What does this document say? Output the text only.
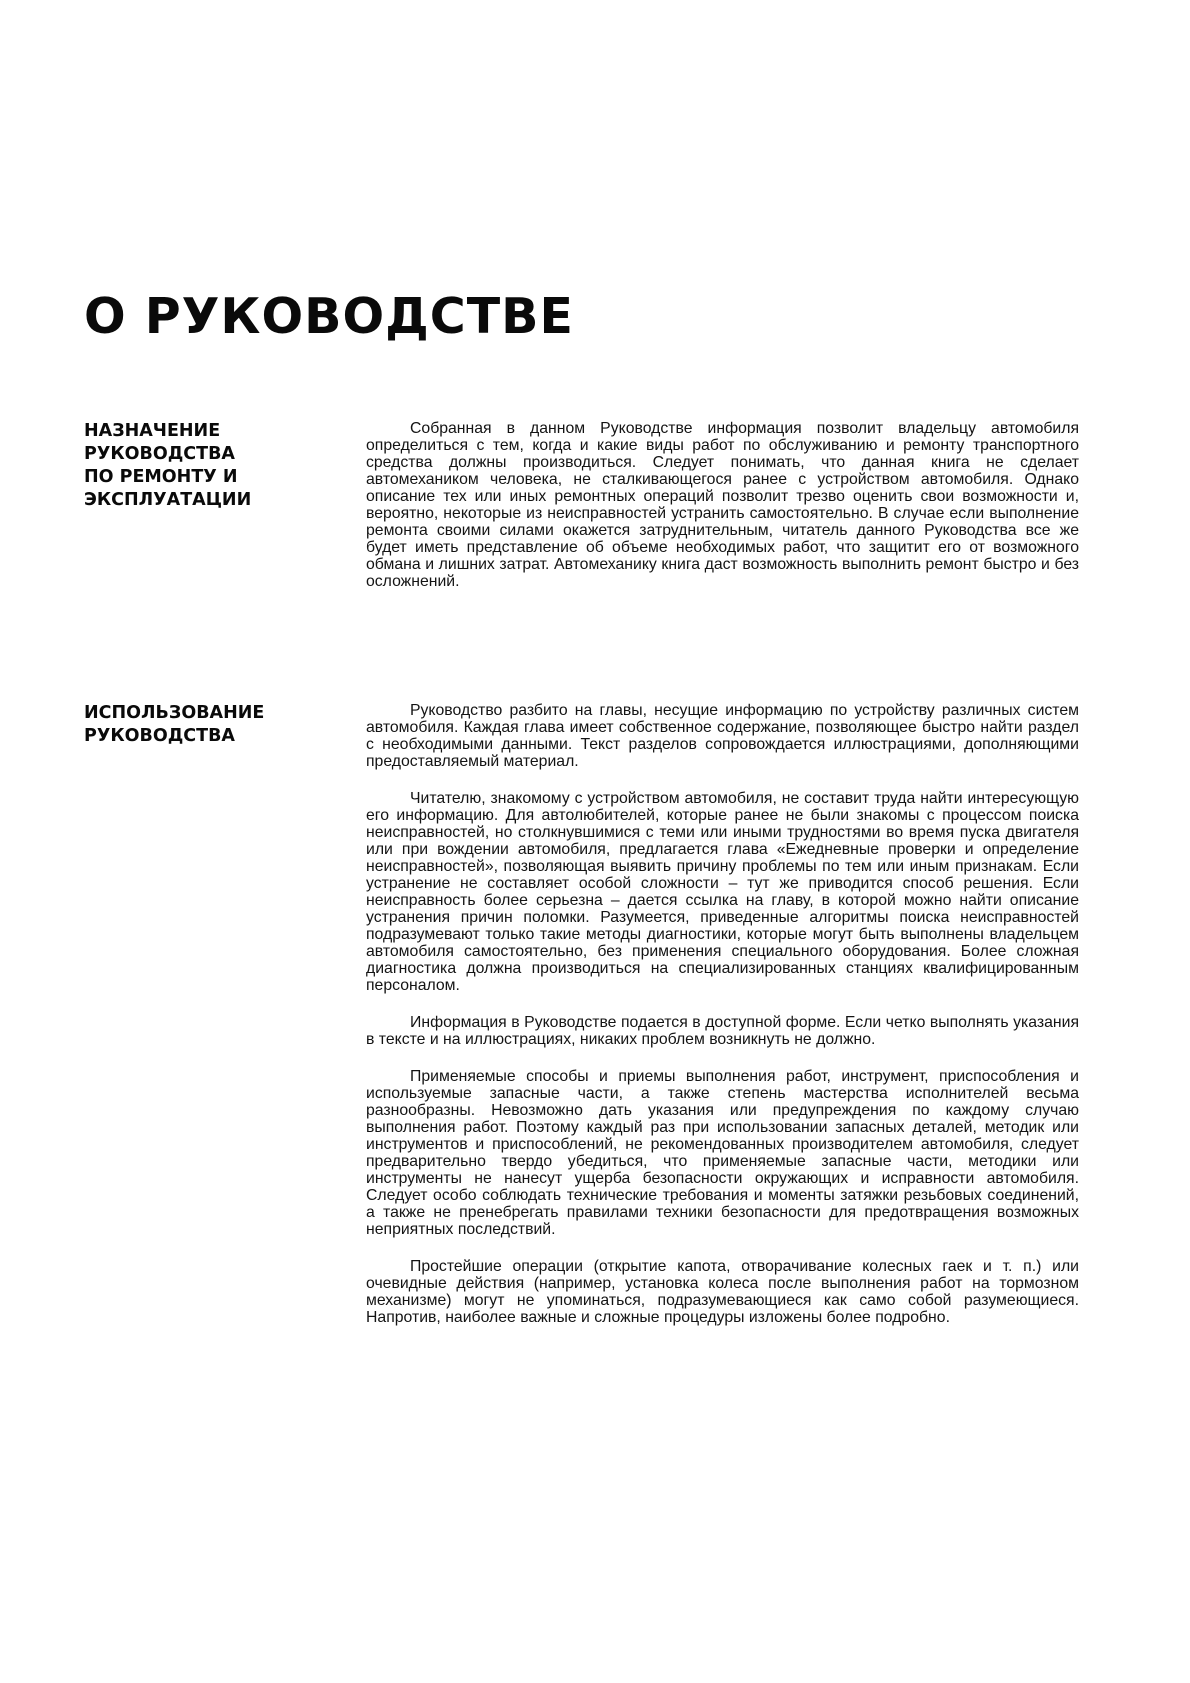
О РУКОВОДСТВЕ
НАЗНАЧЕНИЕ
РУКОВОДСТВА
ПО РЕМОНТУ И
ЭКСПЛУАТАЦИИ

Собранная в данном Руководстве информация позволит владельцу автомобиля определиться с тем, когда и какие виды работ по обслуживанию и ремонту транспортного средства должны производиться. Следует понимать, что данная книга не сделает автомехаником человека, не сталкивающегося ранее с устройством автомобиля. Однако описание тех или иных ремонтных операций позволит трезво оценить свои возможности и, вероятно, некоторые из неисправностей устранить самостоятельно. В случае если выполнение ремонта своими силами окажется затруднительным, читатель данного Руководства все же будет иметь представление об объеме необходимых работ, что защитит его от возможного обмана и лишних затрат. Автомеханику книга даст возможность выполнить ремонт быстро и без осложнений.

ИСПОЛЬЗОВАНИЕ
РУКОВОДСТВА

Руководство разбито на главы, несущие информацию по устройству различных систем автомобиля. Каждая глава имеет собственное содержание, позволяющее быстро найти раздел с необходимыми данными. Текст разделов сопровождается иллюстрациями, дополняющими предоставляемый материал.

Читателю, знакомому с устройством автомобиля, не составит труда найти интересующую его информацию. Для автолюбителей, которые ранее не были знакомы с процессом поиска неисправностей, но столкнувшимися с теми или иными трудностями во время пуска двигателя или при вождении автомобиля, предлагается глава «Ежедневные проверки и определение неисправностей», позволяющая выявить причину проблемы по тем или иным признакам. Если устранение не составляет особой сложности – тут же приводится способ решения. Если неисправность более серьезна – дается ссылка на главу, в которой можно найти описание устранения причин поломки. Разумеется, приведенные алгоритмы поиска неисправностей подразумевают только такие методы диагностики, которые могут быть выполнены владельцем автомобиля самостоятельно, без применения специального оборудования. Более сложная диагностика должна производиться на специализированных станциях квалифицированным персоналом.

Информация в Руководстве подается в доступной форме. Если четко выполнять указания в тексте и на иллюстрациях, никаких проблем возникнуть не должно.

Применяемые способы и приемы выполнения работ, инструмент, приспособления и используемые запасные части, а также степень мастерства исполнителей весьма разнообразны. Невозможно дать указания или предупреждения по каждому случаю выполнения работ. Поэтому каждый раз при использовании запасных деталей, методик или инструментов и приспособлений, не рекомендованных производителем автомобиля, следует предварительно твердо убедиться, что применяемые запасные части, методики или инструменты не нанесут ущерба безопасности окружающих и исправности автомобиля. Следует особо соблюдать технические требования и моменты затяжки резьбовых соединений, а также не пренебрегать правилами техники безопасности для предотвращения возможных неприятных последствий.

Простейшие операции (открытие капота, отворачивание колесных гаек и т. п.) или очевидные действия (например, установка колеса после выполнения работ на тормозном механизме) могут не упоминаться, подразумевающиеся как само собой разумеющиеся. Напротив, наиболее важные и сложные процедуры изложены более подробно.
